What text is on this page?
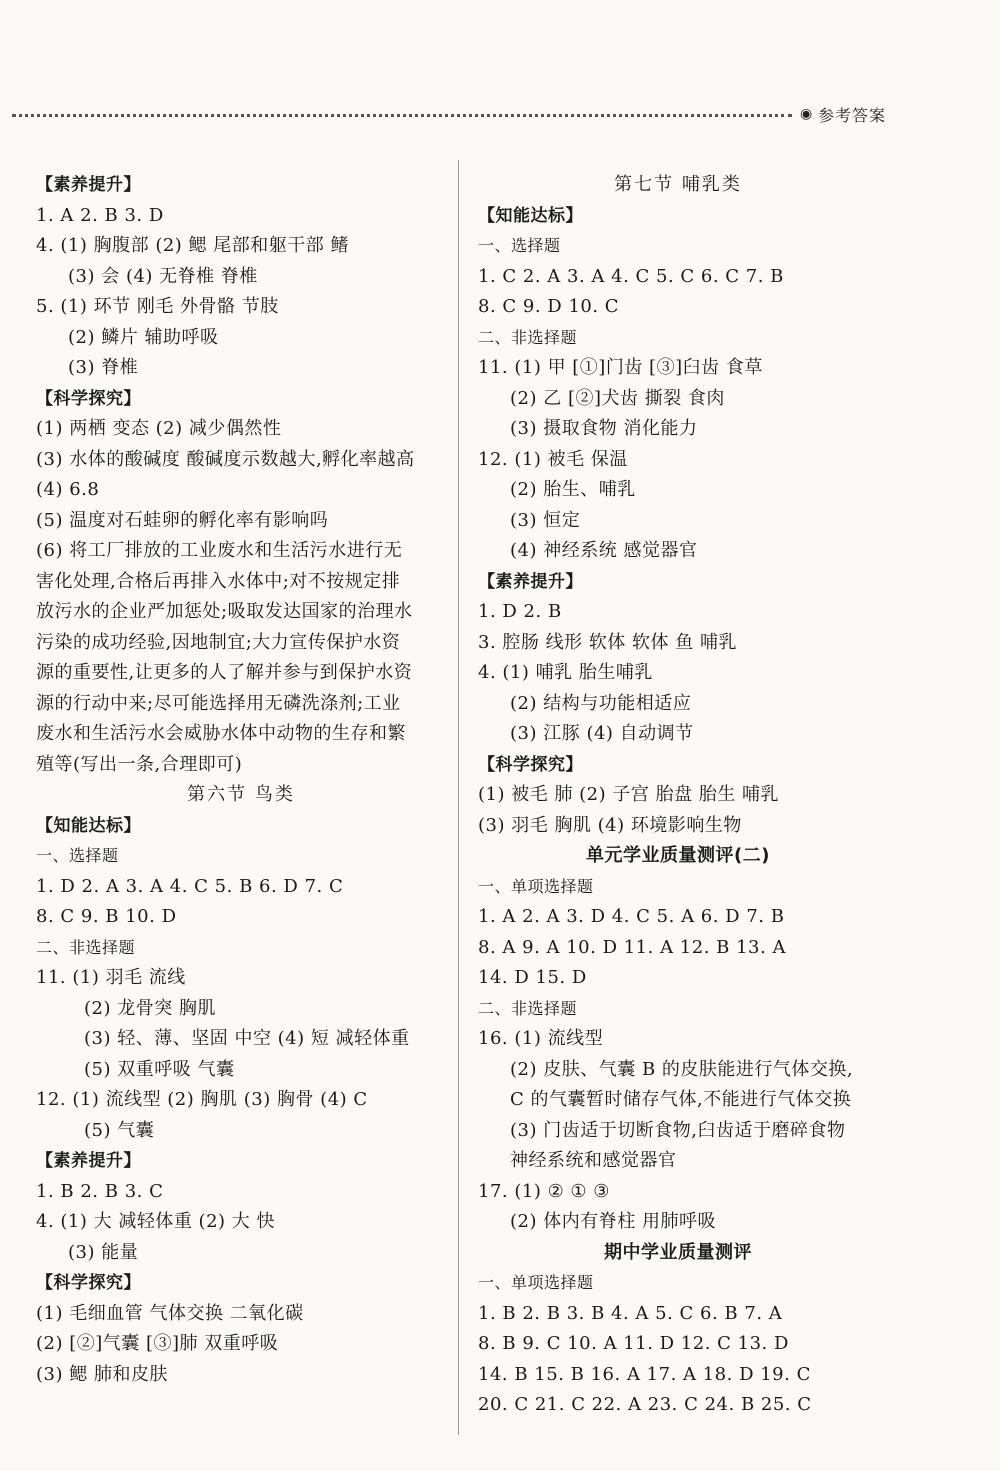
◉ 参考答案
【素养提升】
1. A 2. B 3. D
4. (1) 胸腹部 (2) 鳃 尾部和躯干部 鳍
(3) 会 (4) 无脊椎 脊椎
5. (1) 环节 刚毛 外骨骼 节肢
(2) 鳞片 辅助呼吸
(3) 脊椎
【科学探究】
(1) 两栖 变态 (2) 减少偶然性
(3) 水体的酸碱度 酸碱度示数越大,孵化率越高
(4) 6.8
(5) 温度对石蛙卵的孵化率有影响吗
(6) 将工厂排放的工业废水和生活污水进行无
害化处理,合格后再排入水体中;对不按规定排
放污水的企业严加惩处;吸取发达国家的治理水
污染的成功经验,因地制宜;大力宣传保护水资
源的重要性,让更多的人了解并参与到保护水资
源的行动中来;尽可能选择用无磷洗涤剂;工业
废水和生活污水会威胁水体中动物的生存和繁
殖等(写出一条,合理即可)
第六节 鸟类
【知能达标】
一、选择题
1. D 2. A 3. A 4. C 5. B 6. D 7. C
8. C 9. B 10. D
二、非选择题
11. (1) 羽毛 流线
(2) 龙骨突 胸肌
(3) 轻、薄、坚固 中空 (4) 短 减轻体重
(5) 双重呼吸 气囊
12. (1) 流线型 (2) 胸肌 (3) 胸骨 (4) C
(5) 气囊
【素养提升】
1. B 2. B 3. C
4. (1) 大 减轻体重 (2) 大 快
(3) 能量
【科学探究】
(1) 毛细血管 气体交换 二氧化碳
(2) [②]气囊 [③]肺 双重呼吸
(3) 鳃 肺和皮肤
第七节 哺乳类
【知能达标】
一、选择题
1. C 2. A 3. A 4. C 5. C 6. C 7. B
8. C 9. D 10. C
二、非选择题
11. (1) 甲 [①]门齿 [③]臼齿 食草
(2) 乙 [②]犬齿 撕裂 食肉
(3) 摄取食物 消化能力
12. (1) 被毛 保温
(2) 胎生、哺乳
(3) 恒定
(4) 神经系统 感觉器官
【素养提升】
1. D 2. B
3. 腔肠 线形 软体 软体 鱼 哺乳
4. (1) 哺乳 胎生哺乳
(2) 结构与功能相适应
(3) 江豚 (4) 自动调节
【科学探究】
(1) 被毛 肺 (2) 子宫 胎盘 胎生 哺乳
(3) 羽毛 胸肌 (4) 环境影响生物
单元学业质量测评(二)
一、单项选择题
1. A 2. A 3. D 4. C 5. A 6. D 7. B
8. A 9. A 10. D 11. A 12. B 13. A
14. D 15. D
二、非选择题
16. (1) 流线型
(2) 皮肤、气囊 B 的皮肤能进行气体交换,
C 的气囊暂时储存气体,不能进行气体交换
(3) 门齿适于切断食物,臼齿适于磨碎食物
神经系统和感觉器官
17. (1) ② ① ③
(2) 体内有脊柱 用肺呼吸
期中学业质量测评
一、单项选择题
1. B 2. B 3. B 4. A 5. C 6. B 7. A
8. B 9. C 10. A 11. D 12. C 13. D
14. B 15. B 16. A 17. A 18. D 19. C
20. C 21. C 22. A 23. C 24. B 25. C
